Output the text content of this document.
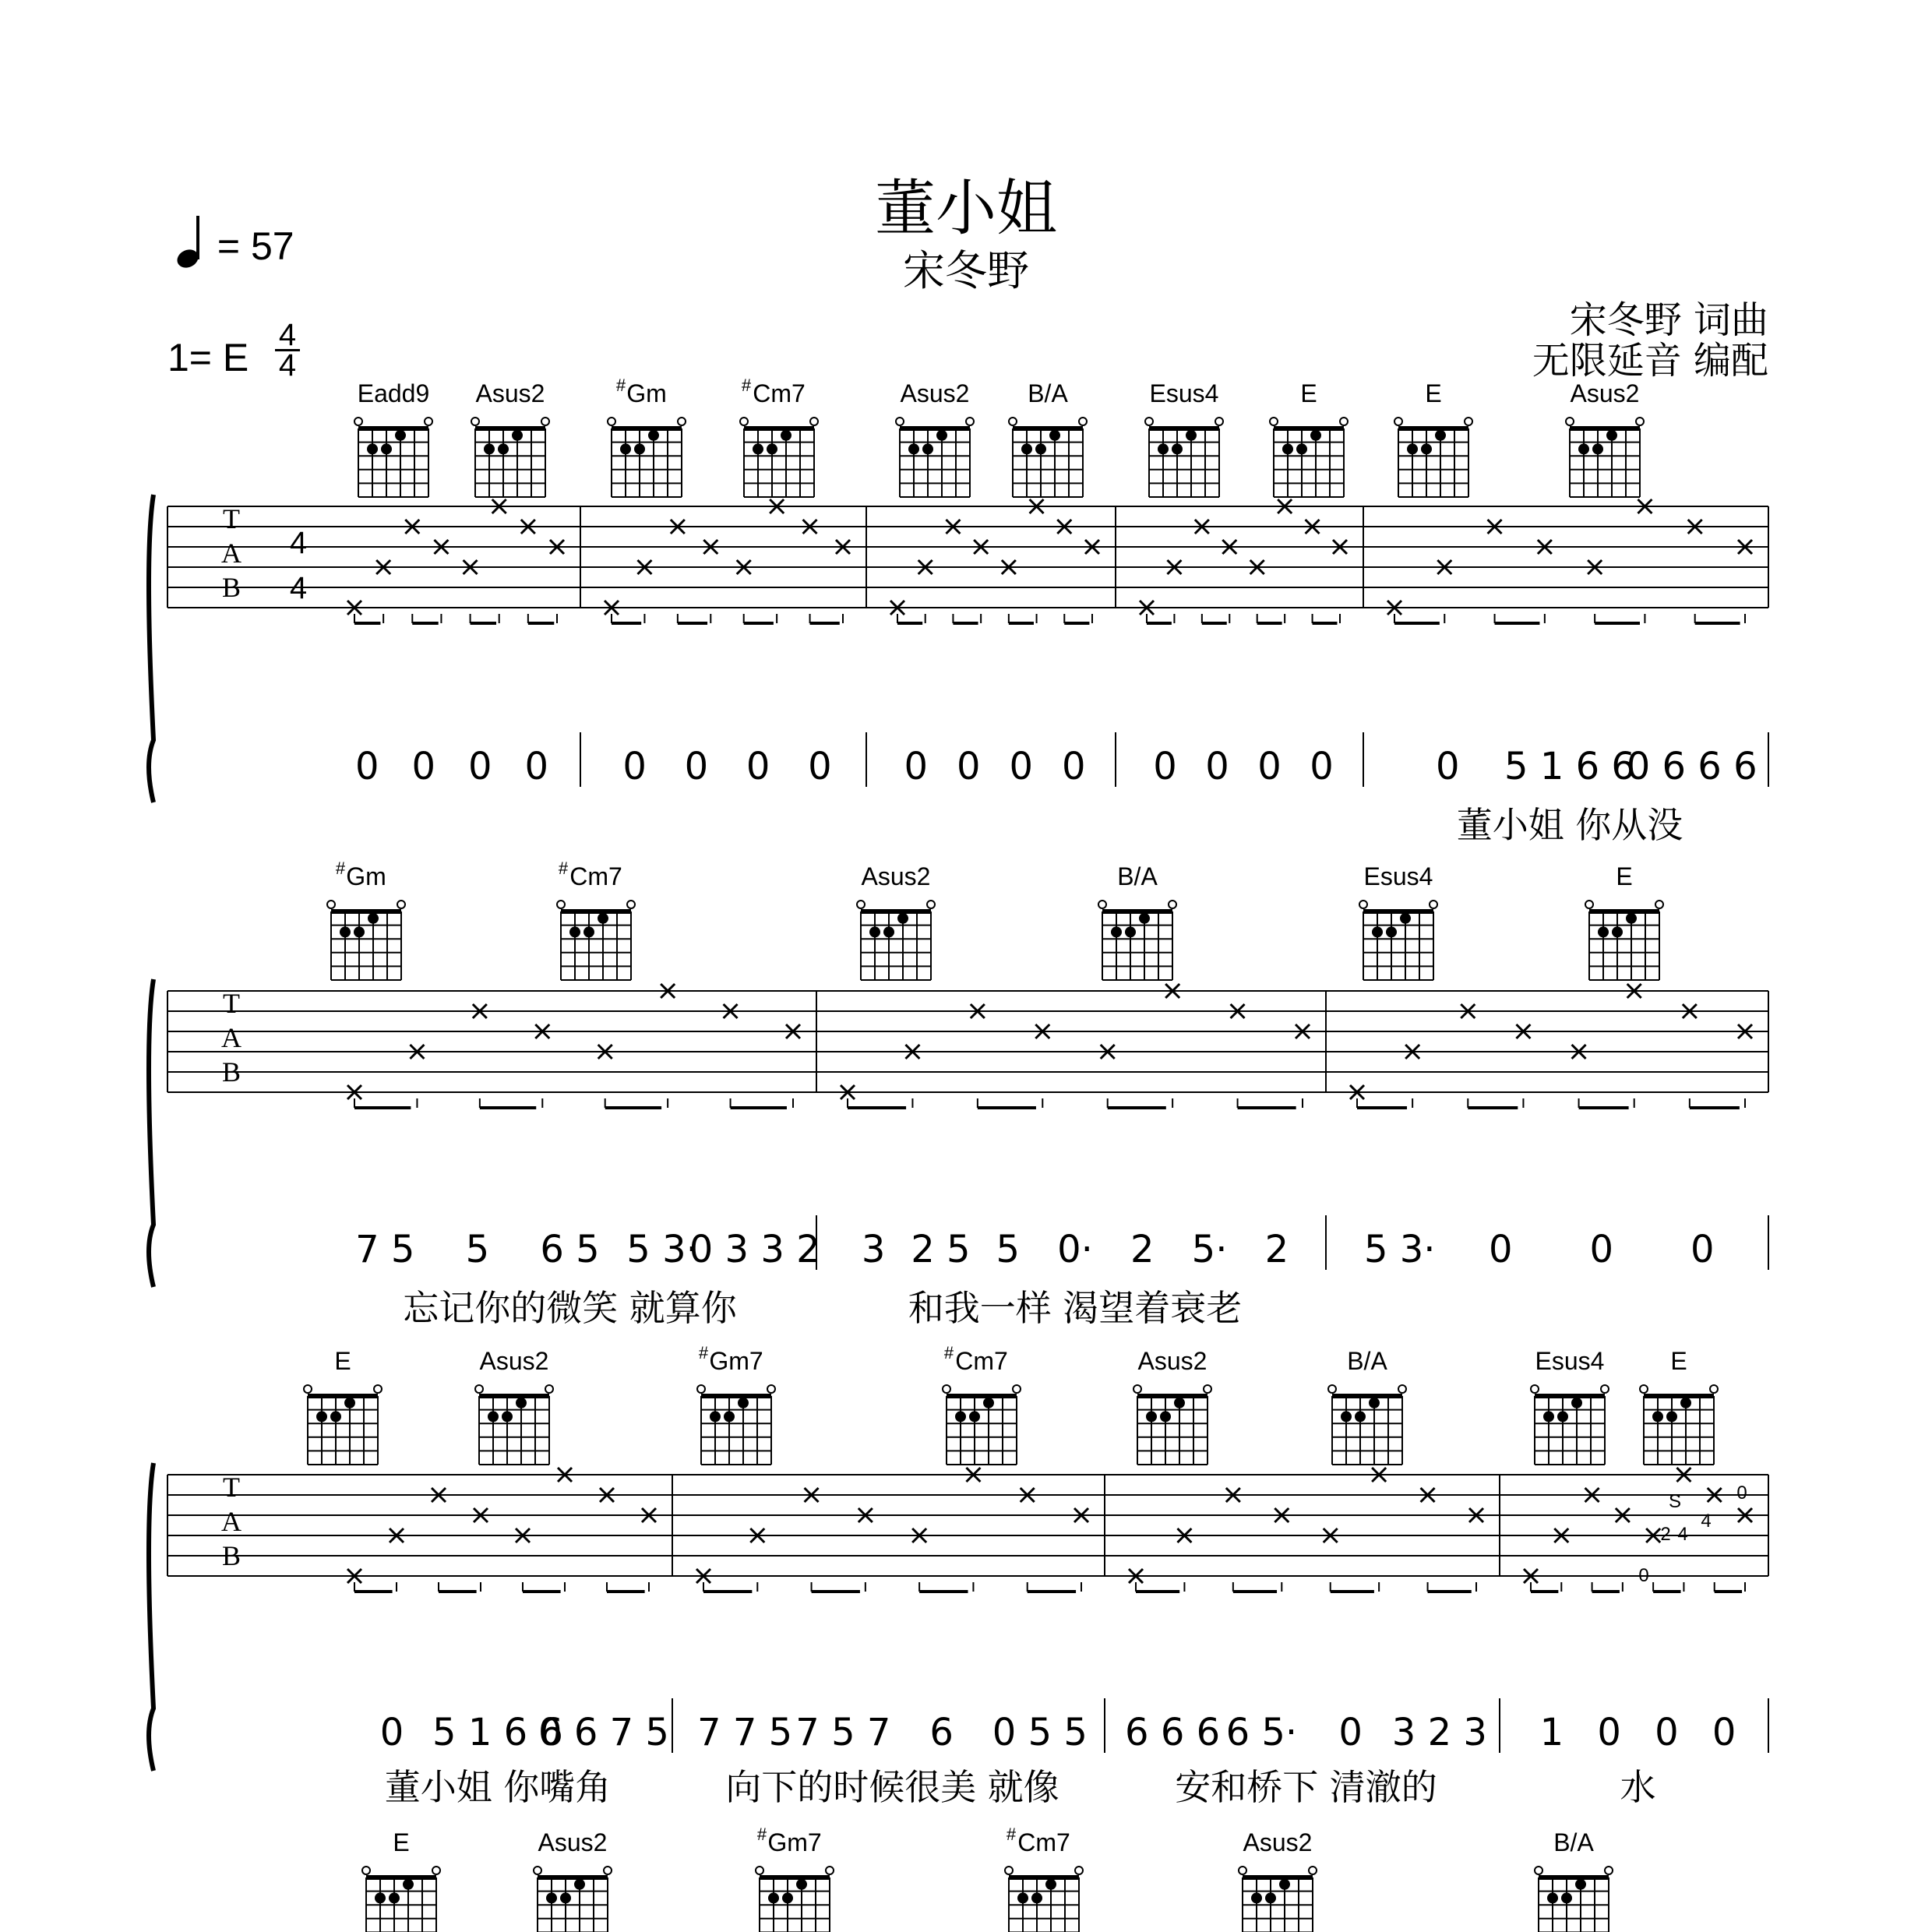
董小姐
宋冬野
= 57
1= E
4
4
宋冬野 词曲
无限延音 编配
Eadd9 Asus2	Gm
#	Cm7
#	Asus2 B/A	Esus4	E	E	Asus2
T
A
B
4
4
0 0 0 0 0 0 0 0 0 0 0 0 0 0 0 0	0 5 1 6 6
0 6 6 6
董小姐 你从没
Gm
#	Cm7
#	Asus2	B/A	Esus4	E
T
A
B
7 5 5 6 5 5 3·
0 3 3 2
忘记你的微笑 就算你
3 2 5 5 0· 2 5· 2
和我一样 渴望着衰老
5 3· 0 0 0
E	Asus2	Gm7
#	Cm7
#	Asus2	B/A	Esus4	E
T
A
B
0 5 1 6 6
0 6 7 5
董小姐 你嘴角
7 7 5 7 5 7 6 0 5 5
向下的时候很美 就像
6 6 6 6 5· 0 3 2 3
安和桥下 清澈的
1 0 0 0
水
E	Asus2	Gm7
#	Cm7
#	Asus2	B/A
S
4
0
2 4
0
